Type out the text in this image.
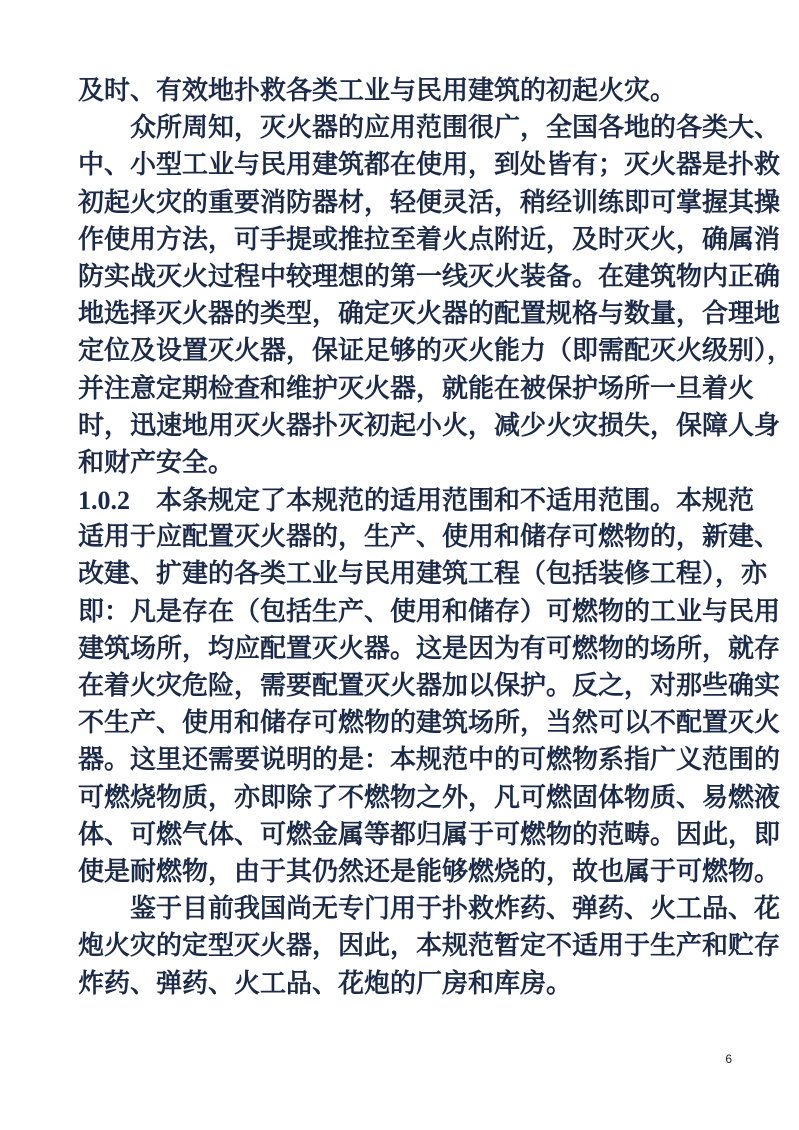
及时、有效地扑救各类工业与民用建筑的初起火灾。
众所周知，灭火器的应用范围很广，全国各地的各类大、
中、小型工业与民用建筑都在使用，到处皆有；灭火器是扑救
初起火灾的重要消防器材，轻便灵活，稍经训练即可掌握其操
作使用方法，可手提或推拉至着火点附近，及时灭火，确属消
防实战灭火过程中较理想的第一线灭火装备。在建筑物内正确
地选择灭火器的类型，确定灭火器的配置规格与数量，合理地
定位及设置灭火器，保证足够的灭火能力（即需配灭火级别），
并注意定期检查和维护灭火器，就能在被保护场所一旦着火
时，迅速地用灭火器扑灭初起小火，减少火灾损失，保障人身
和财产安全。
1.0.2 本条规定了本规范的适用范围和不适用范围。本规范
适用于应配置灭火器的，生产、使用和储存可燃物的，新建、
改建、扩建的各类工业与民用建筑工程（包括装修工程），亦
即：凡是存在（包括生产、使用和储存）可燃物的工业与民用
建筑场所，均应配置灭火器。这是因为有可燃物的场所，就存
在着火灾危险，需要配置灭火器加以保护。反之，对那些确实
不生产、使用和储存可燃物的建筑场所，当然可以不配置灭火
器。这里还需要说明的是：本规范中的可燃物系指广义范围的
可燃烧物质，亦即除了不燃物之外，凡可燃固体物质、易燃液
体、可燃气体、可燃金属等都归属于可燃物的范畴。因此，即
使是耐燃物，由于其仍然还是能够燃烧的，故也属于可燃物。
鉴于目前我国尚无专门用于扑救炸药、弹药、火工品、花
炮火灾的定型灭火器，因此，本规范暂定不适用于生产和贮存
炸药、弹药、火工品、花炮的厂房和库房。
6
